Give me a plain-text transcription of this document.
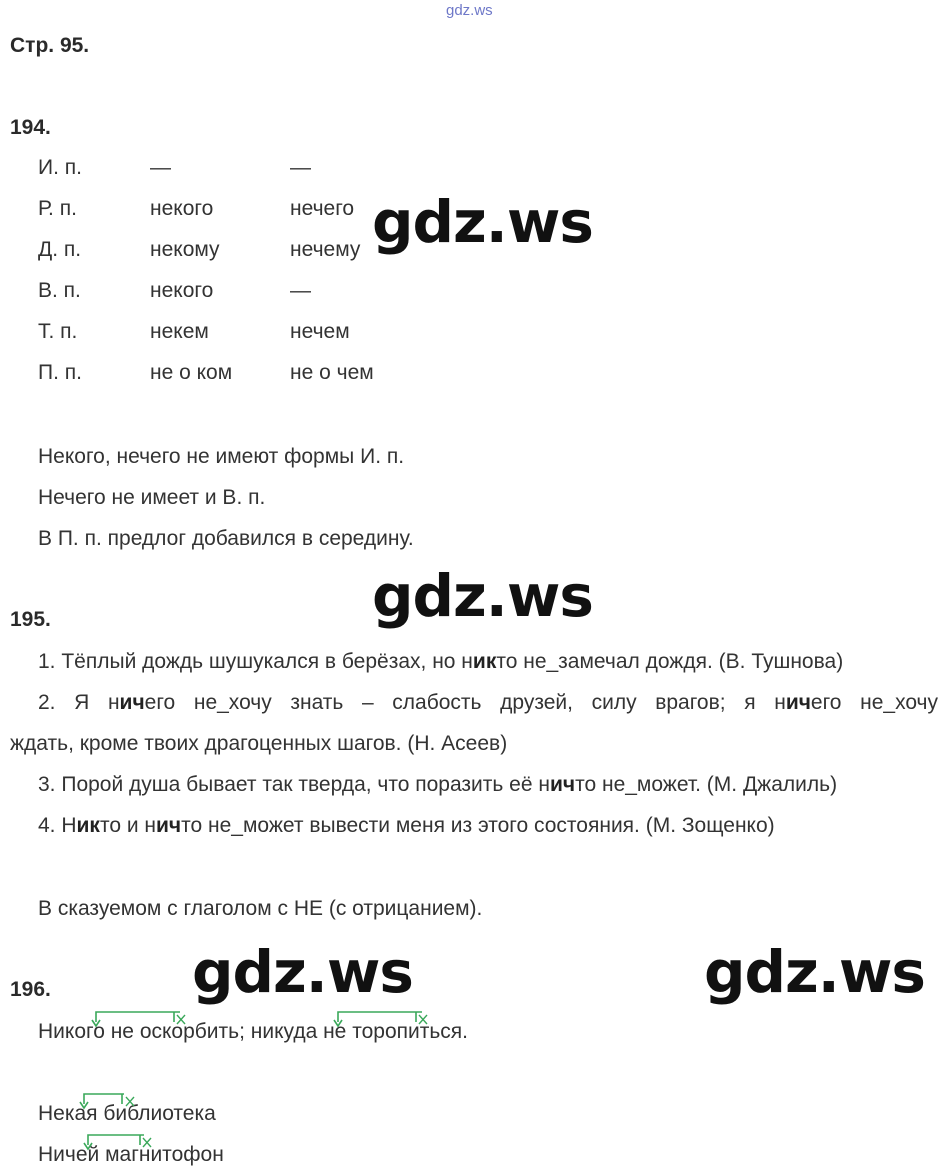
gdz.ws
Стр. 95.
194.
И. п.	—	—
Р. п.	некого	нечего
Д. п.	некому	нечему
В. п.	некого	—
Т. п.	некем	нечем
П. п.	не о ком	не о чем
gdz.ws
Некого, нечего не имеют формы И. п.
Нечего не имеет и В. п.
В П. п. предлог добавился в середину.
gdz.ws
195.
1. Тёплый дождь шушукался в берёзах, но никто не_замечал дождя. (В. Тушнова)
2. Я ничего не_хочу знать – слабость друзей, силу врагов; я ничего не_хочу
ждать, кроме твоих драгоценных шагов. (Н. Асеев)
3. Порой душа бывает так тверда, что поразить её ничто не_может. (М. Джалиль)
4. Никто и ничто не_может вывести меня из этого состояния. (М. Зощенко)
В сказуемом с глаголом с НЕ (с отрицанием).
gdz.ws	gdz.ws
196.
Никого не оскорбить; никуда не торопиться.
Некая библиотека
Ничей магнитофон
